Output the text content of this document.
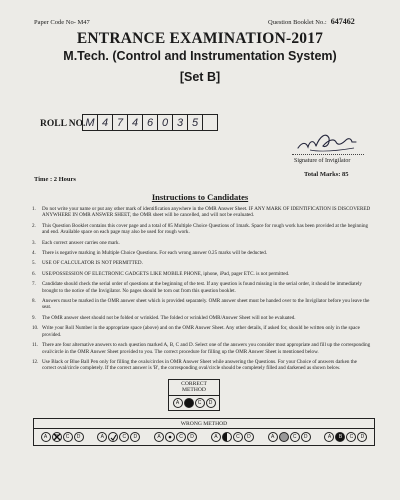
Paper Code No- M47	Question Booklet No.: 647462
ENTRANCE EXAMINATION-2017
M.Tech. (Control and Instrumentation System)
[Set B]
ROLL NO. M 4 7 4 6 0 3 5
Signature of Invigilator
Total Marks: 85
Time : 2 Hours
Instructions to Candidates
1.	Do not write your name or put any other mark of identification anywhere in the OMR Answer Sheet. IF ANY MARK OF IDENTIFICATION IS DISCOVERED ANYWHERE IN OMR ANSWER SHEET, the OMR sheet will be cancelled, and will not be evaluated.
2.	This Question Booklet contains this cover page and a total of 85 Multiple Choice Questions of 1mark. Space for rough work has been provided at the beginning and end. Available space on each page may also be used for rough work.
3.	Each correct answer carries one mark.
4.	There is negative marking in Multiple Choice Questions. For each wrong answer 0.25 marks will be deducted.
5.	USE OF CALCULATOR IS NOT PERMITTED.
6.	USE/POSSESSION OF ELECTRONIC GADGETS LIKE MOBILE PHONE, iphone, iPad, pager ETC. is not permitted.
7.	Candidate should check the serial order of questions at the beginning of the test. If any question is found missing in the serial order, it should be immediately brought to the notice of the Invigilator. No pages should be torn out from this question booklet.
8.	Answers must be marked in the OMR answer sheet which is provided separately. OMR answer sheet must be handed over to the Invigilator before you leave the seat.
9.	The OMR answer sheet should not be folded or wrinkled. The folded or wrinkled OMR/Answer Sheet will not be evaluated.
10. Write your Roll Number in the appropriate space (above) and on the OMR Answer Sheet. Any other details, if asked for, should be written only in the space provided.
11. There are four alternative answers to each question marked A, B, C and D. Select one of the answers you consider most appropriate and fill up the corresponding oval/circle in the OMR Answer Sheet provided to you. The correct procedure for filling up the OMR Answer Sheet is mentioned below.
12. Use Black or Blue Ball Pen only for filling the ovals/circles in OMR Answer Sheet while answering the Questions. For your Choice of answers darken the correct oval/circle completely. If the correct answer is 'B', the corresponding oval/circle should be completely filled and darkened as shown below.
CORRECT METHOD
A	C	D
WRONG METHOD
A	C	D	A	C	D	A	C	D	A	C	D	A	C	D	A	B	C	D
